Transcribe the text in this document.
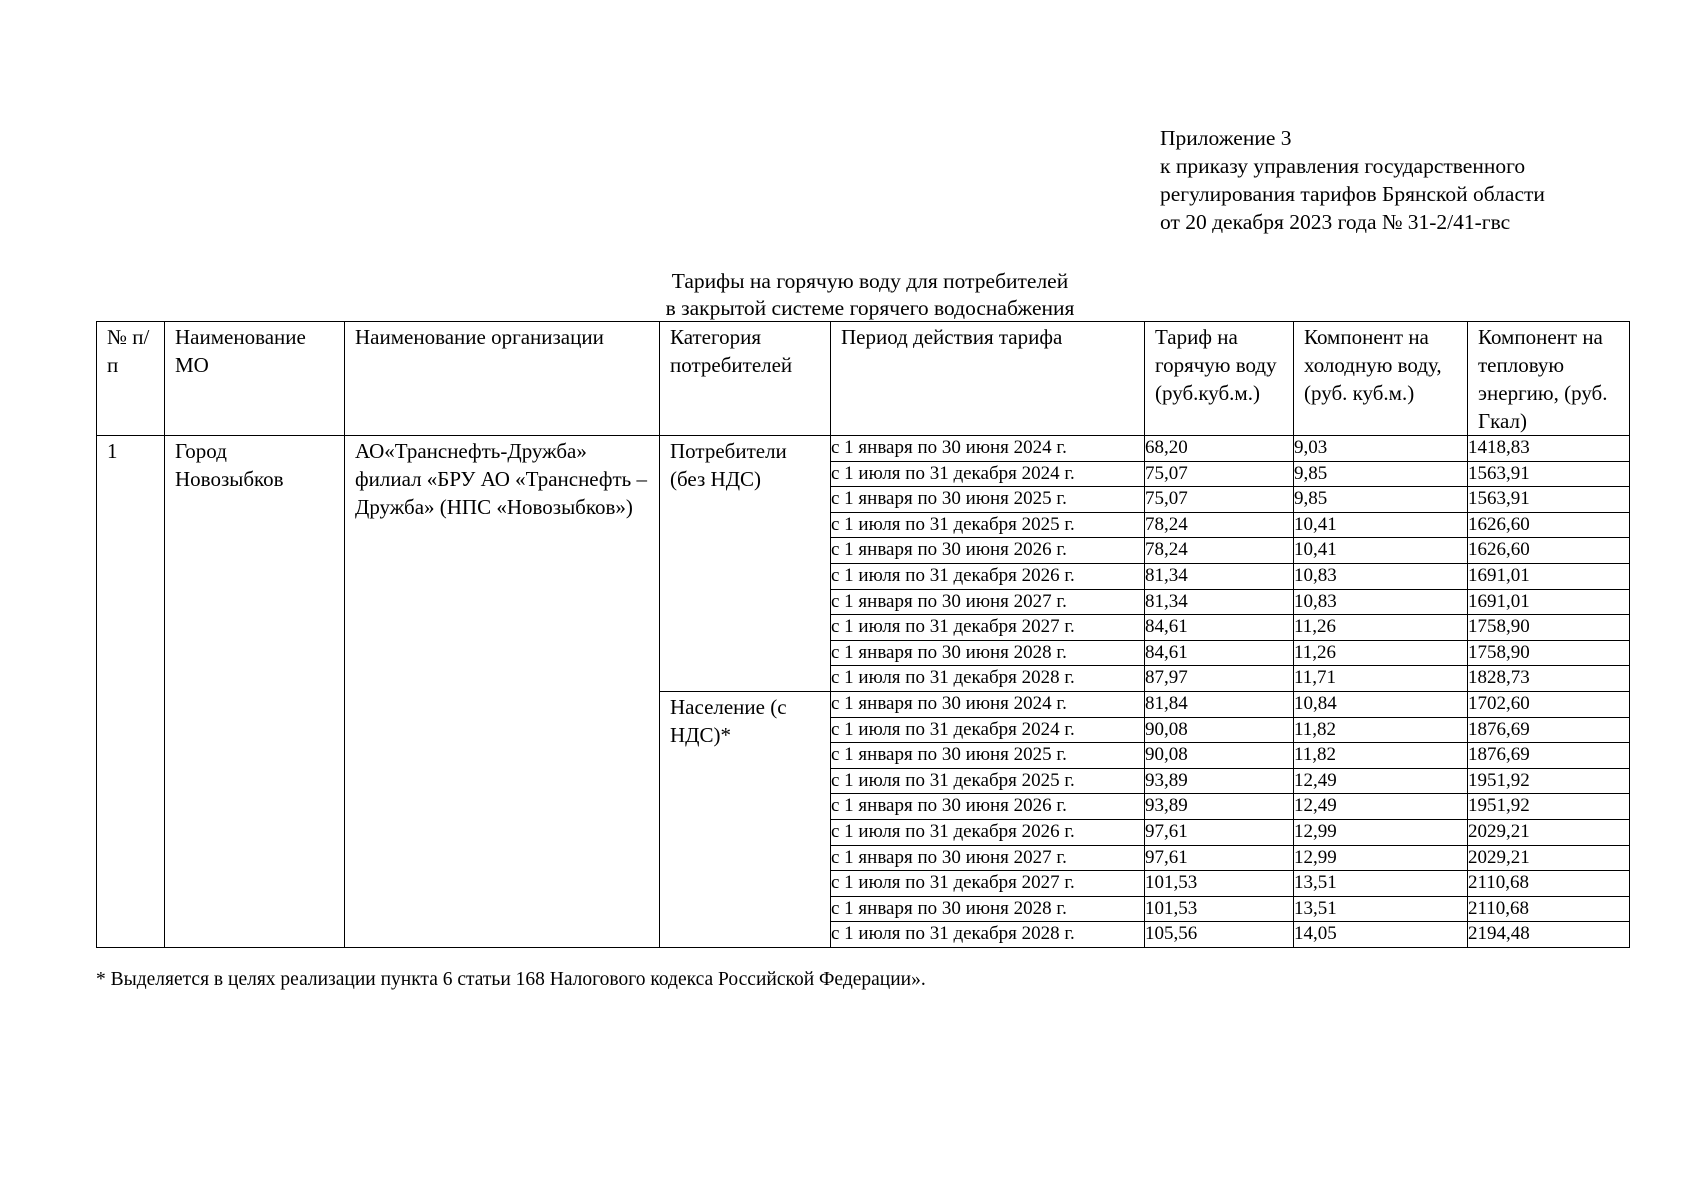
Приложение 3
к приказу управления государственного
регулирования тарифов Брянской области
от 20 декабря 2023 года № 31-2/41-гвс
Тарифы на горячую воду для потребителей
в закрытой системе горячего водоснабжения
№ п/п	Наименование МО	Наименование организации	Категория потребителей	Период действия тарифа	Тариф на горячую воду (руб.куб.м.)	Компонент на холодную воду, (руб. куб.м.)	Компонент на тепловую энергию, (руб. Гкал)
1	Город Новозыбков	АО«Транснефть-Дружба» филиал «БРУ АО «Транснефть – Дружба» (НПС «Новозыбков»)	Потребители (без НДС)	с 1 января по 30 июня 2024 г.	68,20	9,03	1418,83
				с 1 июля по 31 декабря 2024 г.	75,07	9,85	1563,91
				с 1 января по 30 июня 2025 г.	75,07	9,85	1563,91
				с 1 июля по 31 декабря 2025 г.	78,24	10,41	1626,60
				с 1 января по 30 июня 2026 г.	78,24	10,41	1626,60
				с 1 июля по 31 декабря 2026 г.	81,34	10,83	1691,01
				с 1 января по 30 июня 2027 г.	81,34	10,83	1691,01
				с 1 июля по 31 декабря 2027 г.	84,61	11,26	1758,90
				с 1 января по 30 июня 2028 г.	84,61	11,26	1758,90
				с 1 июля по 31 декабря 2028 г.	87,97	11,71	1828,73
			Население (с НДС)*	с 1 января по 30 июня 2024 г.	81,84	10,84	1702,60
				с 1 июля по 31 декабря 2024 г.	90,08	11,82	1876,69
				с 1 января по 30 июня 2025 г.	90,08	11,82	1876,69
				с 1 июля по 31 декабря 2025 г.	93,89	12,49	1951,92
				с 1 января по 30 июня 2026 г.	93,89	12,49	1951,92
				с 1 июля по 31 декабря 2026 г.	97,61	12,99	2029,21
				с 1 января по 30 июня 2027 г.	97,61	12,99	2029,21
				с 1 июля по 31 декабря 2027 г.	101,53	13,51	2110,68
				с 1 января по 30 июня 2028 г.	101,53	13,51	2110,68
				с 1 июля по 31 декабря 2028 г.	105,56	14,05	2194,48
* Выделяется в целях реализации пункта 6 статьи 168 Налогового кодекса Российской Федерации».
